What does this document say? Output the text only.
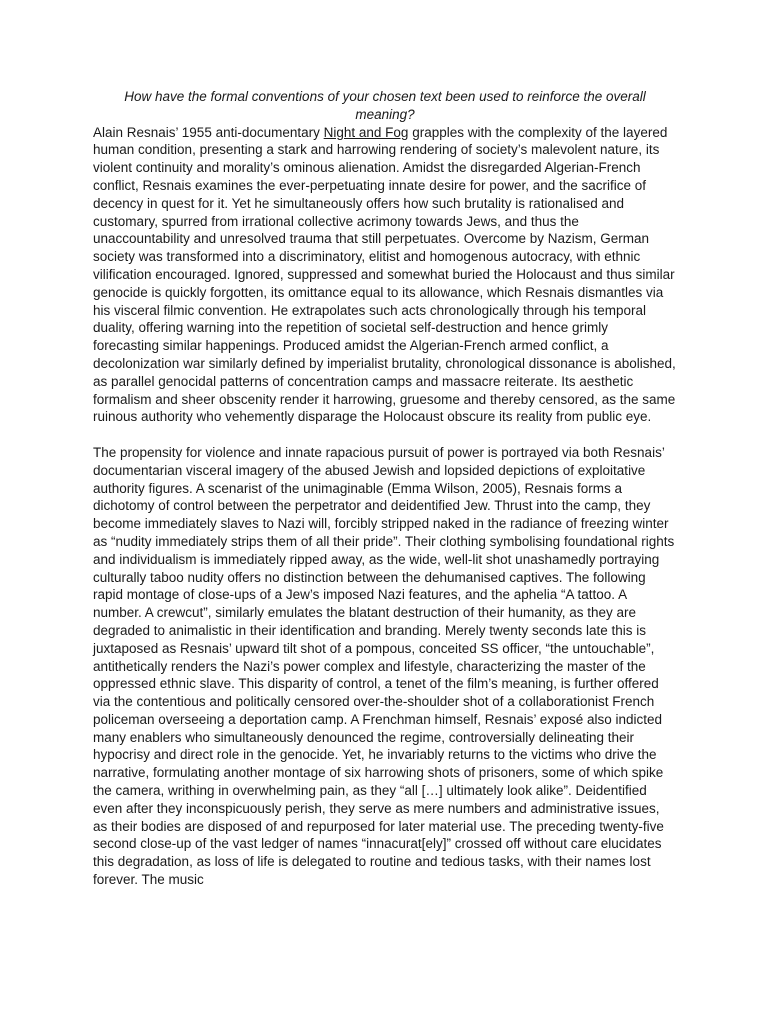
How have the formal conventions of your chosen text been used to reinforce the overall meaning?

Alain Resnais’ 1955 anti-documentary Night and Fog grapples with the complexity of the layered human condition, presenting a stark and harrowing rendering of society’s malevolent nature, its violent continuity and morality’s ominous alienation. Amidst the disregarded Algerian-French conflict, Resnais examines the ever-perpetuating innate desire for power, and the sacrifice of decency in quest for it. Yet he simultaneously offers how such brutality is rationalised and customary, spurred from irrational collective acrimony towards Jews, and thus the unaccountability and unresolved trauma that still perpetuates. Overcome by Nazism, German society was transformed into a discriminatory, elitist and homogenous autocracy, with ethnic vilification encouraged. Ignored, suppressed and somewhat buried the Holocaust and thus similar genocide is quickly forgotten, its omittance equal to its allowance, which Resnais dismantles via his visceral filmic convention. He extrapolates such acts chronologically through his temporal duality, offering warning into the repetition of societal self-destruction and hence grimly forecasting similar happenings. Produced amidst the Algerian-French armed conflict, a decolonization war similarly defined by imperialist brutality, chronological dissonance is abolished, as parallel genocidal patterns of concentration camps and massacre reiterate. Its aesthetic formalism and sheer obscenity render it harrowing, gruesome and thereby censored, as the same ruinous authority who vehemently disparage the Holocaust obscure its reality from public eye.

The propensity for violence and innate rapacious pursuit of power is portrayed via both Resnais’ documentarian visceral imagery of the abused Jewish and lopsided depictions of exploitative authority figures. A scenarist of the unimaginable (Emma Wilson, 2005), Resnais forms a dichotomy of control between the perpetrator and deidentified Jew. Thrust into the camp, they become immediately slaves to Nazi will, forcibly stripped naked in the radiance of freezing winter as “nudity immediately strips them of all their pride”. Their clothing symbolising foundational rights and individualism is immediately ripped away, as the wide, well-lit shot unashamedly portraying culturally taboo nudity offers no distinction between the dehumanised captives. The following rapid montage of close-ups of a Jew’s imposed Nazi features, and the aphelia “A tattoo. A number. A crewcut”, similarly emulates the blatant destruction of their humanity, as they are degraded to animalistic in their identification and branding. Merely twenty seconds late this is juxtaposed as Resnais’ upward tilt shot of a pompous, conceited SS officer, “the untouchable”, antithetically renders the Nazi’s power complex and lifestyle, characterizing the master of the oppressed ethnic slave. This disparity of control, a tenet of the film’s meaning, is further offered via the contentious and politically censored over-the-shoulder shot of a collaborationist French policeman overseeing a deportation camp. A Frenchman himself, Resnais’ exposé also indicted many enablers who simultaneously denounced the regime, controversially delineating their hypocrisy and direct role in the genocide. Yet, he invariably returns to the victims who drive the narrative, formulating another montage of six harrowing shots of prisoners, some of which spike the camera, writhing in overwhelming pain, as they “all […] ultimately look alike”. Deidentified even after they inconspicuously perish, they serve as mere numbers and administrative issues, as their bodies are disposed of and repurposed for later material use. The preceding twenty-five second close-up of the vast ledger of names “innacurat[ely]” crossed off without care elucidates this degradation, as loss of life is delegated to routine and tedious tasks, with their names lost forever. The music
